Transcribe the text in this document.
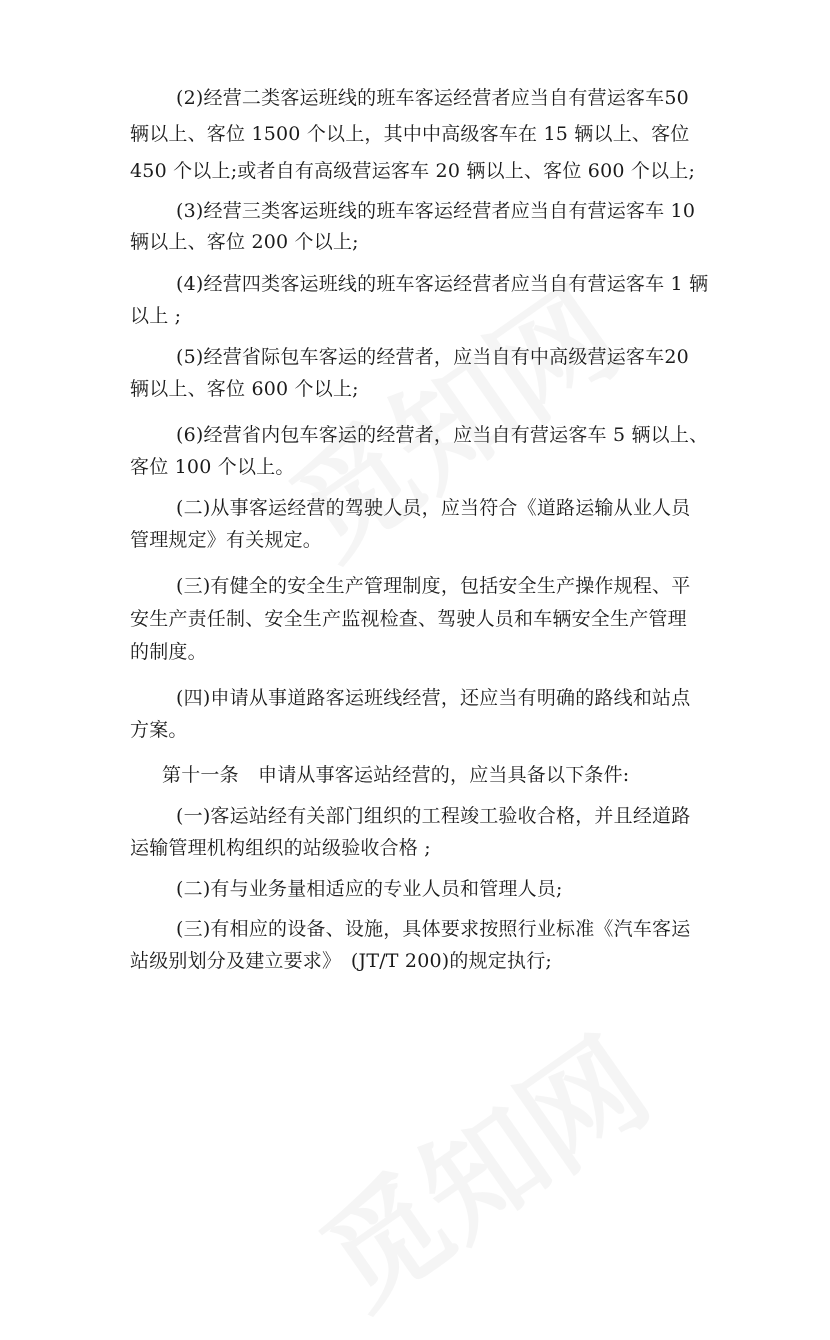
(2)经营二类客运班线的班车客运经营者应当自有营运客车50
辆以上、客位 1500 个以上，其中中高级客车在 15 辆以上、客位
450 个以上;或者自有高级营运客车 20 辆以上、客位 600 个以上;
(3)经营三类客运班线的班车客运经营者应当自有营运客车 10
辆以上、客位 200 个以上;
(4)经营四类客运班线的班车客运经营者应当自有营运客车 1 辆
以上 ;
(5)经营省际包车客运的经营者，应当自有中高级营运客车20
辆以上、客位 600 个以上;
(6)经营省内包车客运的经营者，应当自有营运客车 5 辆以上、
客位 100 个以上。
(二)从事客运经营的驾驶人员，应当符合《道路运输从业人员
管理规定》有关规定。
(三)有健全的安全生产管理制度，包括安全生产操作规程、平
安生产责任制、安全生产监视检查、驾驶人员和车辆安全生产管理
的制度。
(四)申请从事道路客运班线经营，还应当有明确的路线和站点
方案。
第十一条　申请从事客运站经营的，应当具备以下条件:
(一)客运站经有关部门组织的工程竣工验收合格，并且经道路
运输管理机构组织的站级验收合格 ;
(二)有与业务量相适应的专业人员和管理人员;
(三)有相应的设备、设施，具体要求按照行业标准《汽车客运
站级别划分及建立要求》　(JT/T 200)的规定执行;
